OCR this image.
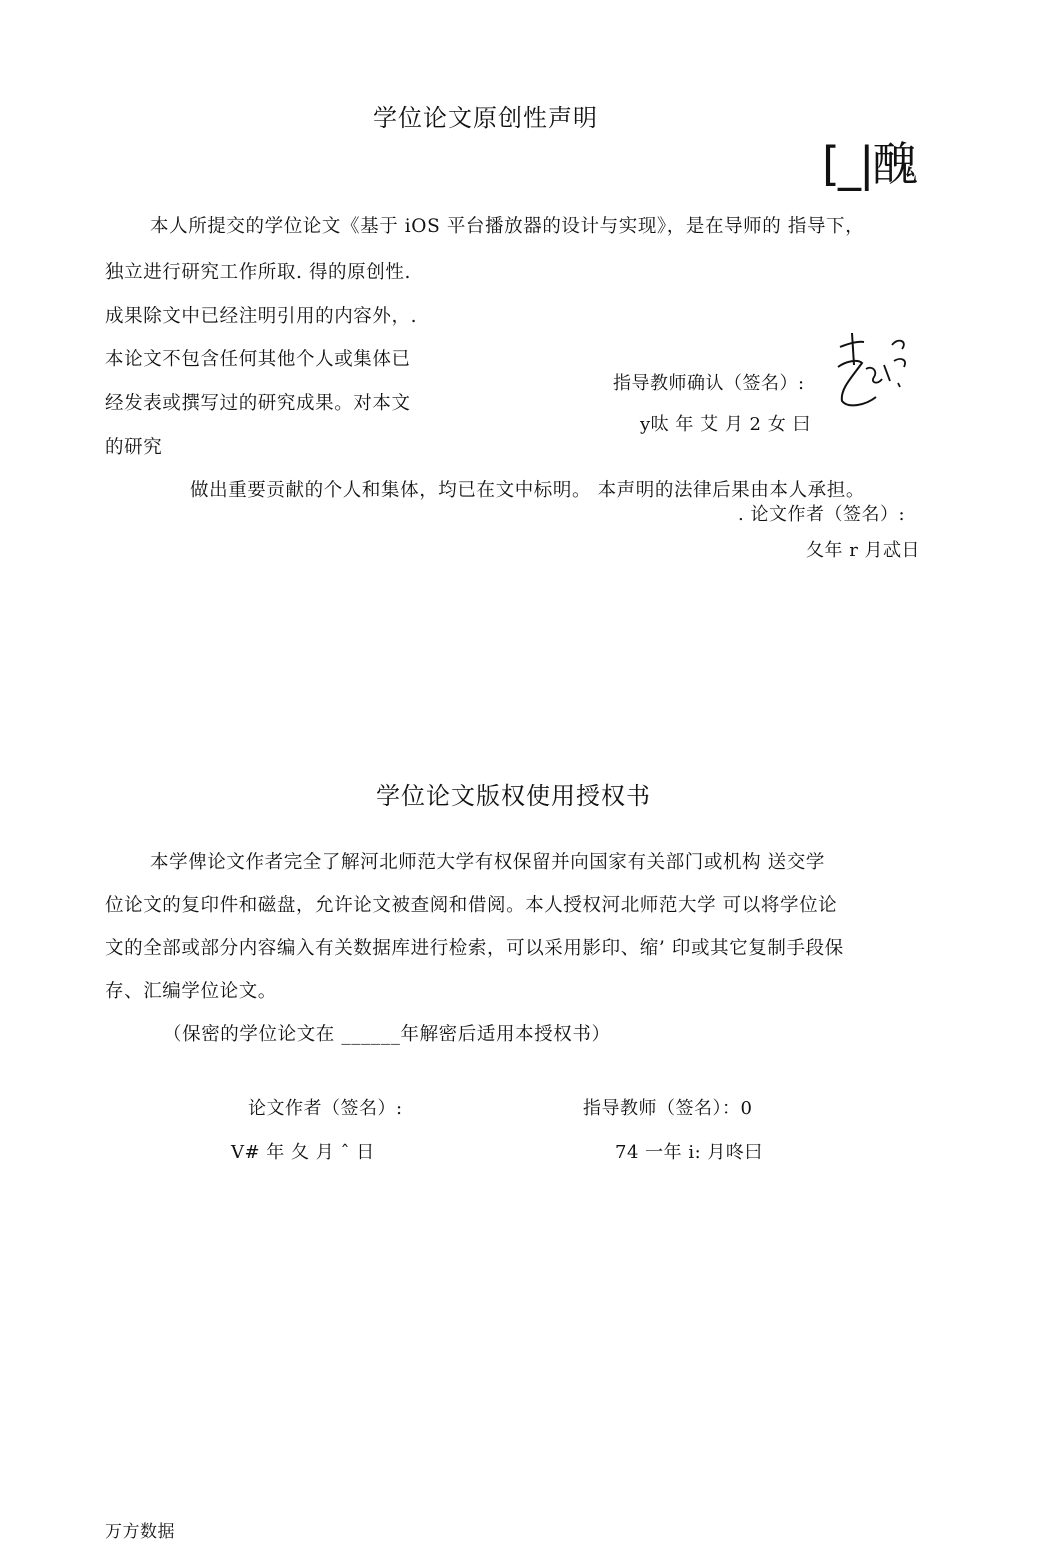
学位论文原创性声明
[_|醜
本人所提交的学位论文《基于 iOS 平台播放器的设计与实现》，是在导师的 指导下，
独立进行研究工作所取. 得的原创性.
成果除文中已经注明引用的内容外，.
本论文不包含任何其他个人或集体已
经发表或撰写过的研究成果。对本文
的研究
指导教师确认（签名）:
y呔 年 艾 月 2 女 曰
做出重要贡献的个人和集体，均已在文中标明。 本声明的法律后果由本人承担。
. 论文作者（签名）:
夂年 r 月忒日
学位论文版权使用授权书
本学俾论文作者完全了解河北师范大学有权保留并向国家有关部门或机构 送交学
位论文的复印件和磁盘，允许论文被查阅和借阅。本人授权河北师范大学 可以将学位论
文的全部或部分内容编入有关数据库进行检索，可以采用影印、缩’ 印或其它复制手段保
存、汇编学位论文。
（保密的学位论文在 ______年解密后适用本授权书）
论文作者（签名）:	指导教师（签名）：0
V# 年 夂 月 ˆ 日	74 一年 i: 月咚曰
万方数据
